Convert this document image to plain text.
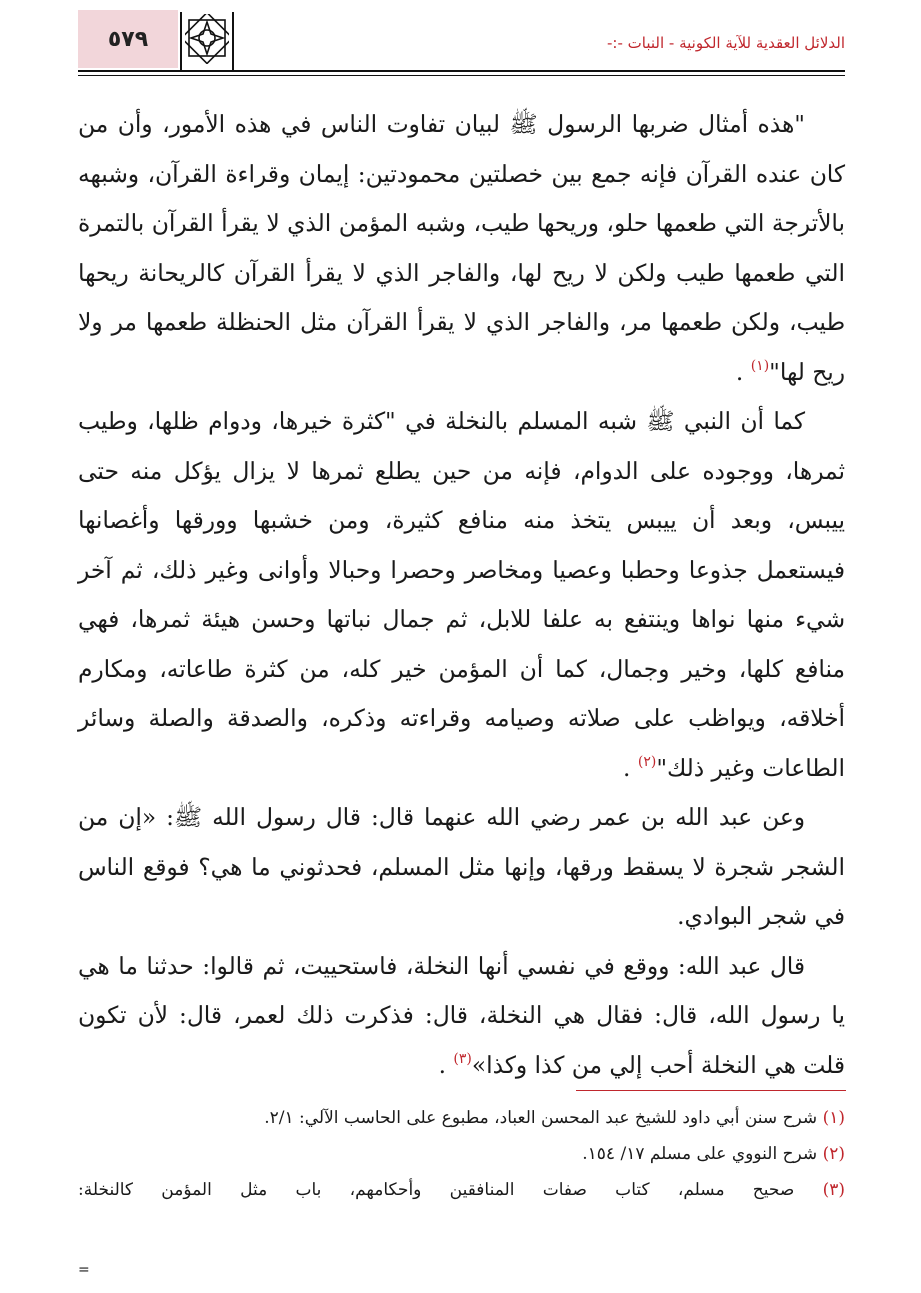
٥٧٩	الدلائل العقدية للآية الكونية - النبات -:-

"هذه أمثال ضربها الرسول ﷺ لبيان تفاوت الناس في هذه الأمور، وأن من كان عنده القرآن فإنه جمع بين خصلتين محمودتين: إيمان وقراءة القرآن، وشبهه بالأترجة التي طعمها حلو، وريحها طيب، وشبه المؤمن الذي لا يقرأ القرآن بالتمرة التي طعمها طيب ولكن لا ريح لها، والفاجر الذي لا يقرأ القرآن كالريحانة ريحها طيب، ولكن طعمها مر، والفاجر الذي لا يقرأ القرآن مثل الحنظلة طعمها مر ولا ريح لها"$^{(١)}$ .

كما أن النبي ﷺ شبه المسلم بالنخلة في "كثرة خيرها، ودوام ظلها، وطيب ثمرها، ووجوده على الدوام، فإنه من حين يطلع ثمرها لا يزال يؤكل منه حتى ييبس، وبعد أن ييبس يتخذ منه منافع كثيرة، ومن خشبها وورقها وأغصانها فيستعمل جذوعا وحطبا وعصيا ومخاصر وحصرا وحبالا وأوانى وغير ذلك، ثم آخر شيء منها نواها وينتفع به علفا للابل، ثم جمال نباتها وحسن هيئة ثمرها، فهي منافع كلها، وخير وجمال، كما أن المؤمن خير كله، من كثرة طاعاته، ومكارم أخلاقه، ويواظب على صلاته وصيامه وقراءته وذكره، والصدقة والصلة وسائر الطاعات وغير ذلك"$^{(٢)}$ .

وعن عبد الله بن عمر رضي الله عنهما قال: قال رسول الله ﷺ: «إن من الشجر شجرة لا يسقط ورقها، وإنها مثل المسلم، فحدثوني ما هي؟ فوقع الناس في شجر البوادي.

قال عبد الله: ووقع في نفسي أنها النخلة، فاستحييت، ثم قالوا: حدثنا ما هي يا رسول الله، قال: فقال هي النخلة، قال: فذكرت ذلك لعمر، قال: لأن تكون قلت هي النخلة أحب إلي من كذا وكذا»$^{(٣)}$ .

(١) شرح سنن أبي داود للشيخ عبد المحسن العباد، مطبوع على الحاسب الآلي: ٢/١.

(٢) شرح النووي على مسلم ١٧/ ١٥٤.

(٣) صحيح مسلم، كتاب صفات المنافقين وأحكامهم، باب مثل المؤمن كالنخلة:

=
